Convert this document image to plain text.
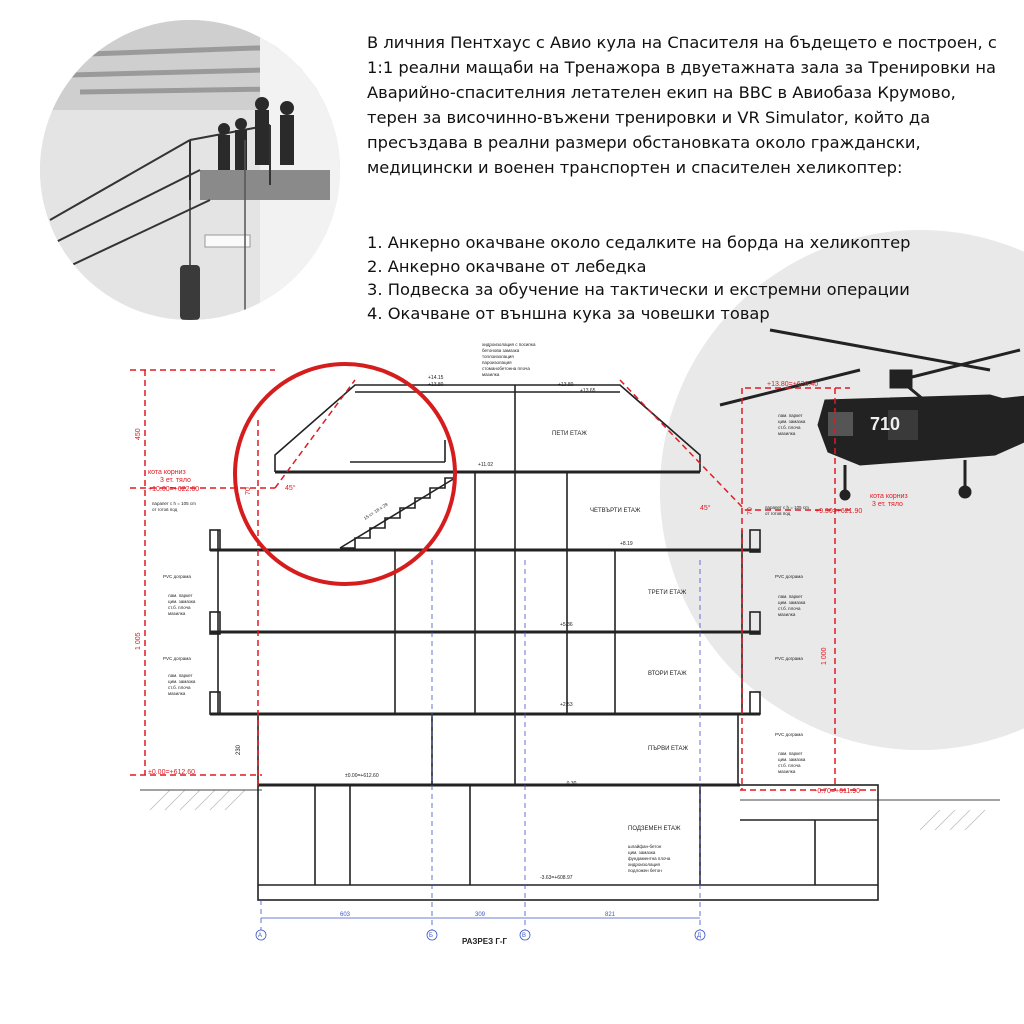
710

В личния Пентхаус с Авио кула на Спасителя на бъдещето е построен, с 1:1 реални мащаби на Тренажора в двуетажната зала за Тренировки на Аварийно-спасителния летателен екип на ВВС в Авиобаза Крумово, терен за височинно-въжени тренировки и VR Simulator, който да пресъздава в реални размери обстановката около граждански, медицински и военен транспортен и спасителен хеликоптер:

1. Анкерно окачване около седалките на борда на хеликоптер
2. Анкерно окачване от лебедка
3. Подвеска за обучение на тактически и екстремни операции
4. Окачване от външна кука за човешки товар
А	Б	В	Д
603	309	821
РАЗРЕЗ Г-Г
ПЕТИ ЕТАЖ
ЧЕТВЪРТИ ЕТАЖ
ТРЕТИ ЕТАЖ
ВТОРИ ЕТАЖ
ПЪРВИ ЕТАЖ
ПОДЗЕМЕН ЕТАЖ
+10.00=+622.60
±0.00=+612.60
+13.80=+626.40
+9.30=+621.90
-0.70=+611.90
кота корниз
3 ет. тяло
кота корниз
3 ет. тяло
45°
45°
450
1 005
1 000
70
70
230
+14.15
+13.80	+13.80
+13.65
+11.02
+8.19
+5.36
+2.53
±0.00=+612.60
-0.30
-3.63=+608.97
хидроизолация с посипка
бетонова замазка
топлоизолация
пароизолация
стоманобетонна плоча
мазилка
парапет с h = 105 cm
от готов под	парапет с h = 105 cm
от готов под
PVC дограма
PVC дограма
PVC дограма
PVC дограма
PVC дограма
лам. паркет
цим. замазка
ст.б. плоча
мазилка
лам. паркет
цим. замазка
ст.б. плоча
мазилка
лам. паркет
цим. замазка
ст.б. плоча
мазилка
лам. паркет
цим. замазка
ст.б. плоча
мазилка
лам. паркет
цим. замазка
ст.б. плоча
мазилка
шлайфан-бетон
цим. замазка
фундаментна плоча
хидроизолация
подложен бетон
15 ст. 18 x 29
